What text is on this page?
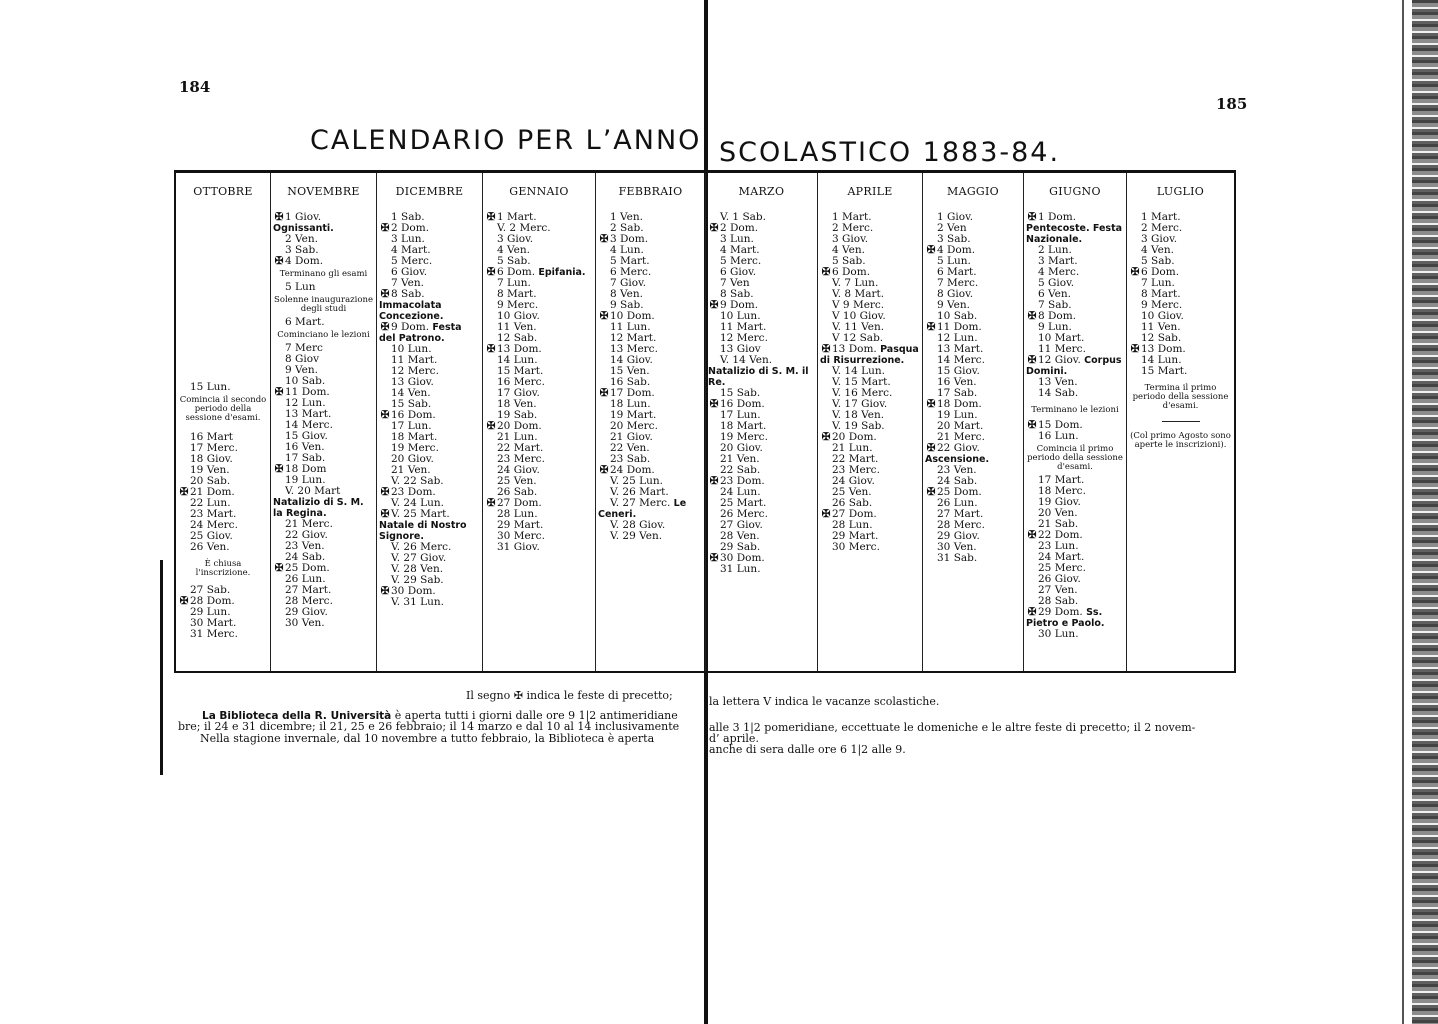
184
185
CALENDARIO PER L’ANNO SCOLASTICO 1883-84.
OTTOBRE
15 Lun.
Comincia il secondo periodo della sessione d'esami.
16 Mart
17 Merc.
18 Giov.
19 Ven.
20 Sab.
✠ 21 Dom.
22 Lun.
23 Mart.
24 Merc.
25 Giov.
26 Ven.
È chiusa l'inscrizione.
27 Sab.
✠ 28 Dom.
29 Lun.
30 Mart.
31 Merc.
NOVEMBRE
✠ 1 Giov. Ognissanti.
2 Ven.
3 Sab.
✠ 4 Dom.
Terminano gli esami
5 Lun
Solenne inaugurazione degli studi
6 Mart.
Cominciano le lezioni
7 Merc
8 Giov
9 Ven.
10 Sab.
✠ 11 Dom.
12 Lun.
13 Mart.
14 Merc.
15 Giov.
16 Ven.
17 Sab.
✠ 18 Dom
19 Lun.
V. 20 Mart Natalizio di S. M. la Regina.
21 Merc.
22 Giov.
23 Ven.
24 Sab.
✠ 25 Dom.
26 Lun.
27 Mart.
28 Merc.
29 Giov.
30 Ven.
DICEMBRE
1 Sab.
✠ 2 Dom.
3 Lun.
4 Mart.
5 Merc.
6 Giov.
7 Ven.
✠ 8 Sab. Immacolata Concezione.
✠ 9 Dom. Festa del Patrono.
10 Lun.
11 Mart.
12 Merc.
13 Giov.
14 Ven.
15 Sab.
✠ 16 Dom.
17 Lun.
18 Mart.
19 Merc.
20 Giov.
21 Ven.
V. 22 Sab.
✠ 23 Dom.
V. 24 Lun.
✠ V. 25 Mart. Natale di Nostro Signore.
V. 26 Merc.
V. 27 Giov.
V. 28 Ven.
V. 29 Sab.
✠ 30 Dom.
V. 31 Lun.
GENNAIO
✠ 1 Mart.
V. 2 Merc.
3 Giov.
4 Ven.
5 Sab.
✠ 6 Dom. Epifania.
7 Lun.
8 Mart.
9 Merc.
10 Giov.
11 Ven.
12 Sab.
✠ 13 Dom.
14 Lun.
15 Mart.
16 Merc.
17 Giov.
18 Ven.
19 Sab.
✠ 20 Dom.
21 Lun.
22 Mart.
23 Merc.
24 Giov.
25 Ven.
26 Sab.
✠ 27 Dom.
28 Lun.
29 Mart.
30 Merc.
31 Giov.
FEBBRAIO
1 Ven.
2 Sab.
✠ 3 Dom.
4 Lun.
5 Mart.
6 Merc.
7 Giov.
8 Ven.
9 Sab.
✠ 10 Dom.
11 Lun.
12 Mart.
13 Merc.
14 Giov.
15 Ven.
16 Sab.
✠ 17 Dom.
18 Lun.
19 Mart.
20 Merc.
21 Giov.
22 Ven.
23 Sab.
✠ 24 Dom.
V. 25 Lun.
V. 26 Mart.
V. 27 Merc. Le Ceneri.
V. 28 Giov.
V. 29 Ven.
MARZO
V. 1 Sab.
✠ 2 Dom.
3 Lun.
4 Mart.
5 Merc.
6 Giov.
7 Ven
8 Sab.
✠ 9 Dom.
10 Lun.
11 Mart.
12 Merc.
13 Giov
V. 14 Ven. Natalizio di S. M. il Re.
15 Sab.
✠ 16 Dom.
17 Lun.
18 Mart.
19 Merc.
20 Giov.
21 Ven.
22 Sab.
✠ 23 Dom.
24 Lun.
25 Mart.
26 Merc.
27 Giov.
28 Ven.
29 Sab.
✠ 30 Dom.
31 Lun.
APRILE
1 Mart.
2 Merc.
3 Giov.
4 Ven.
5 Sab.
✠ 6 Dom.
V. 7 Lun.
V. 8 Mart.
V 9 Merc.
V 10 Giov.
V. 11 Ven.
V 12 Sab.
✠ 13 Dom. Pasqua di Risurrezione.
V. 14 Lun.
V. 15 Mart.
V. 16 Merc.
V. 17 Giov.
V. 18 Ven.
V. 19 Sab.
✠ 20 Dom.
21 Lun.
22 Mart.
23 Merc.
24 Giov.
25 Ven.
26 Sab.
✠ 27 Dom.
28 Lun.
29 Mart.
30 Merc.
MAGGIO
1 Giov.
2 Ven
3 Sab.
✠ 4 Dom.
5 Lun.
6 Mart.
7 Merc.
8 Giov.
9 Ven.
10 Sab.
✠ 11 Dom.
12 Lun.
13 Mart.
14 Merc.
15 Giov.
16 Ven.
17 Sab.
✠ 18 Dom.
19 Lun.
20 Mart.
21 Merc.
✠ 22 Giov. Ascensione.
23 Ven.
24 Sab.
✠ 25 Dom.
26 Lun.
27 Mart.
28 Merc.
29 Giov.
30 Ven.
31 Sab.
GIUGNO
✠ 1 Dom. Pentecoste. Festa Nazionale.
2 Lun.
3 Mart.
4 Merc.
5 Giov.
6 Ven.
7 Sab.
✠ 8 Dom.
9 Lun.
10 Mart.
11 Merc.
✠ 12 Giov. Corpus Domini.
13 Ven.
14 Sab.
Terminano le lezioni
✠ 15 Dom.
16 Lun.
Comincia il primo periodo della sessione d'esami.
17 Mart.
18 Merc.
19 Giov.
20 Ven.
21 Sab.
✠ 22 Dom.
23 Lun.
24 Mart.
25 Merc.
26 Giov.
27 Ven.
28 Sab.
✠ 29 Dom. Ss. Pietro e Paolo.
30 Lun.
LUGLIO
1 Mart.
2 Merc.
3 Giov.
4 Ven.
5 Sab.
✠ 6 Dom.
7 Lun.
8 Mart.
9 Merc.
10 Giov.
11 Ven.
12 Sab.
✠ 13 Dom.
14 Lun.
15 Mart.
Termina il primo periodo della sessione d'esami.
(Col primo Agosto sono aperte le inscrizioni).
Il segno ✠ indica le feste di precetto;	la lettera V indica le vacanze scolastiche.
La Biblioteca della R. Università è aperta tutti i giorni dalle ore 9 1|2 antimeridiane
alle 3 1|2 pomeridiane, eccettuate le domeniche e le altre feste di precetto; il 2 novem-
bre; il 24 e 31 dicembre; il 21, 25 e 26 febbraio; il 14 marzo e dal 10 al 14 inclusivamente
d’ aprile.
Nella stagione invernale, dal 10 novembre a tutto febbraio, la Biblioteca è aperta
anche di sera dalle ore 6 1|2 alle 9.
